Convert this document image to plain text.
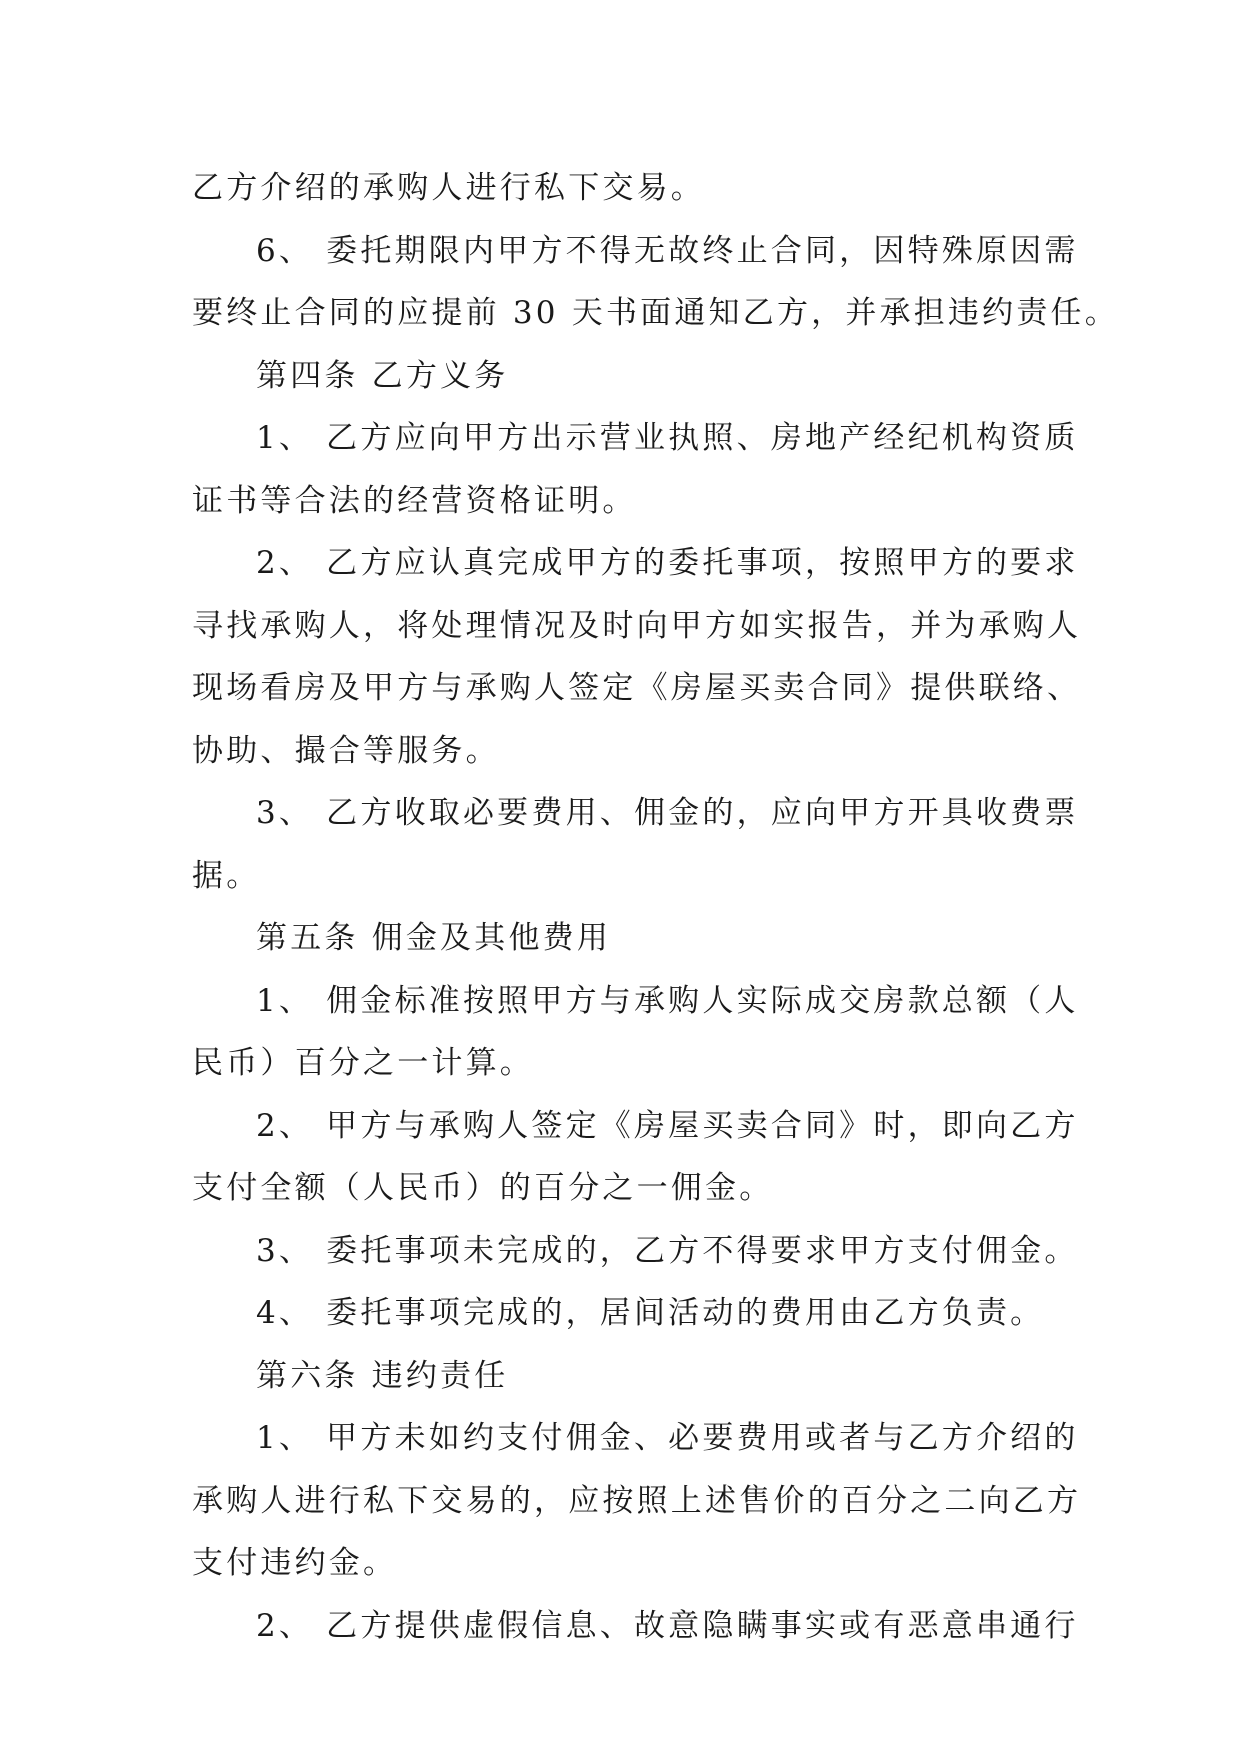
乙方介绍的承购人进行私下交易。
6、 委托期限内甲方不得无故终止合同，因特殊原因需
要终止合同的应提前 30 天书面通知乙方，并承担违约责任。
第四条 乙方义务
1、 乙方应向甲方出示营业执照、房地产经纪机构资质
证书等合法的经营资格证明。
2、 乙方应认真完成甲方的委托事项，按照甲方的要求
寻找承购人，将处理情况及时向甲方如实报告，并为承购人
现场看房及甲方与承购人签定《房屋买卖合同》提供联络、
协助、撮合等服务。
3、 乙方收取必要费用、佣金的，应向甲方开具收费票
据。
第五条 佣金及其他费用
1、 佣金标准按照甲方与承购人实际成交房款总额（人
民币）百分之一计算。
2、 甲方与承购人签定《房屋买卖合同》时，即向乙方
支付全额（人民币）的百分之一佣金。
3、 委托事项未完成的，乙方不得要求甲方支付佣金。
4、 委托事项完成的，居间活动的费用由乙方负责。
第六条 违约责任
1、 甲方未如约支付佣金、必要费用或者与乙方介绍的
承购人进行私下交易的，应按照上述售价的百分之二向乙方
支付违约金。
2、 乙方提供虚假信息、故意隐瞒事实或有恶意串通行
